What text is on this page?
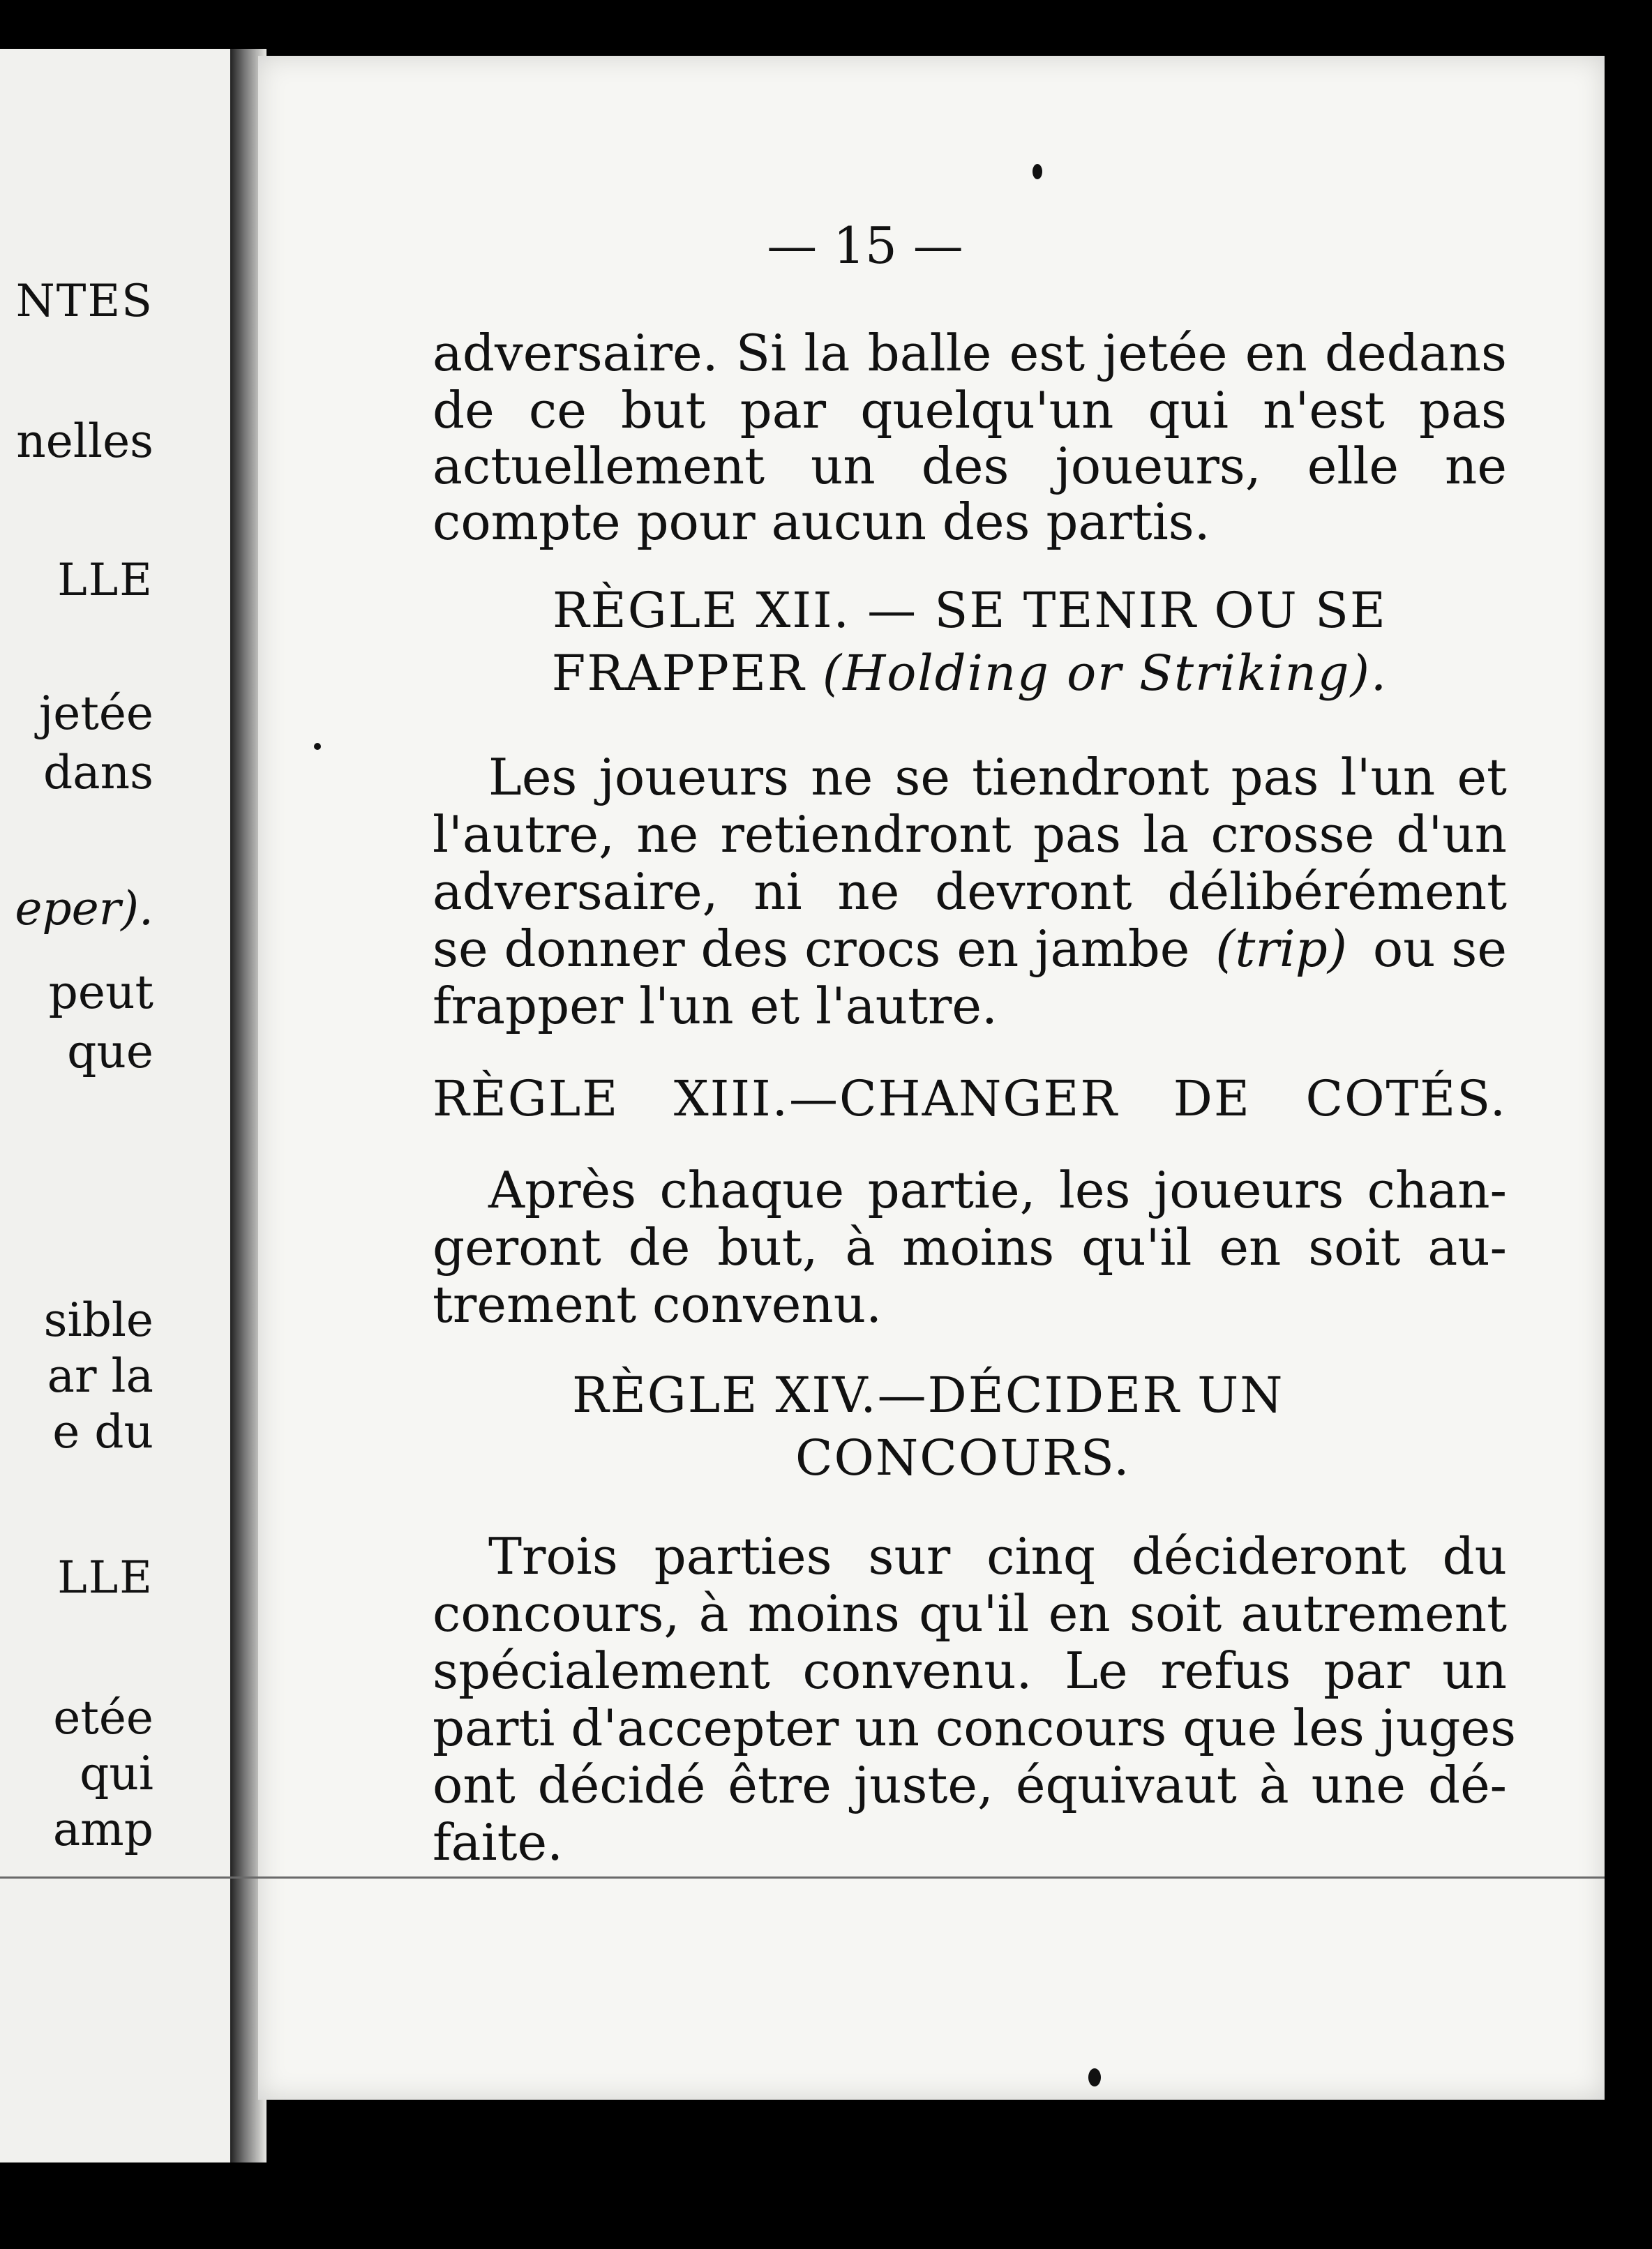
NTES
nelles
LLE
jetée
dans
eper).
peut
que
sible
ar la
e du
LLE
etée
qui
amp
— 15 —
adversaire. Si la balle est jetée en dedans
de ce but par quelqu'un qui n'est pas
actuellement un des joueurs, elle ne
compte pour aucun des partis.
RÈGLE XII. — SE TENIR OU SE
FRAPPER (Holding or Striking).
Les joueurs ne se tiendront pas l'un et
l'autre, ne retiendront pas la crosse d'un
adversaire, ni ne devront délibérément
se donner des crocs en jambe (trip) ou se
frapper l'un et l'autre.
RÈGLE XIII.—CHANGER DE COTÉS.
Après chaque partie, les joueurs chan-
geront de but, à moins qu'il en soit au-
trement convenu.
RÈGLE XIV.—DÉCIDER UN
CONCOURS.
Trois parties sur cinq décideront du
concours, à moins qu'il en soit autrement
spécialement convenu. Le refus par un
parti d'accepter un concours que les juges
ont décidé être juste, équivaut à une dé-
faite.
